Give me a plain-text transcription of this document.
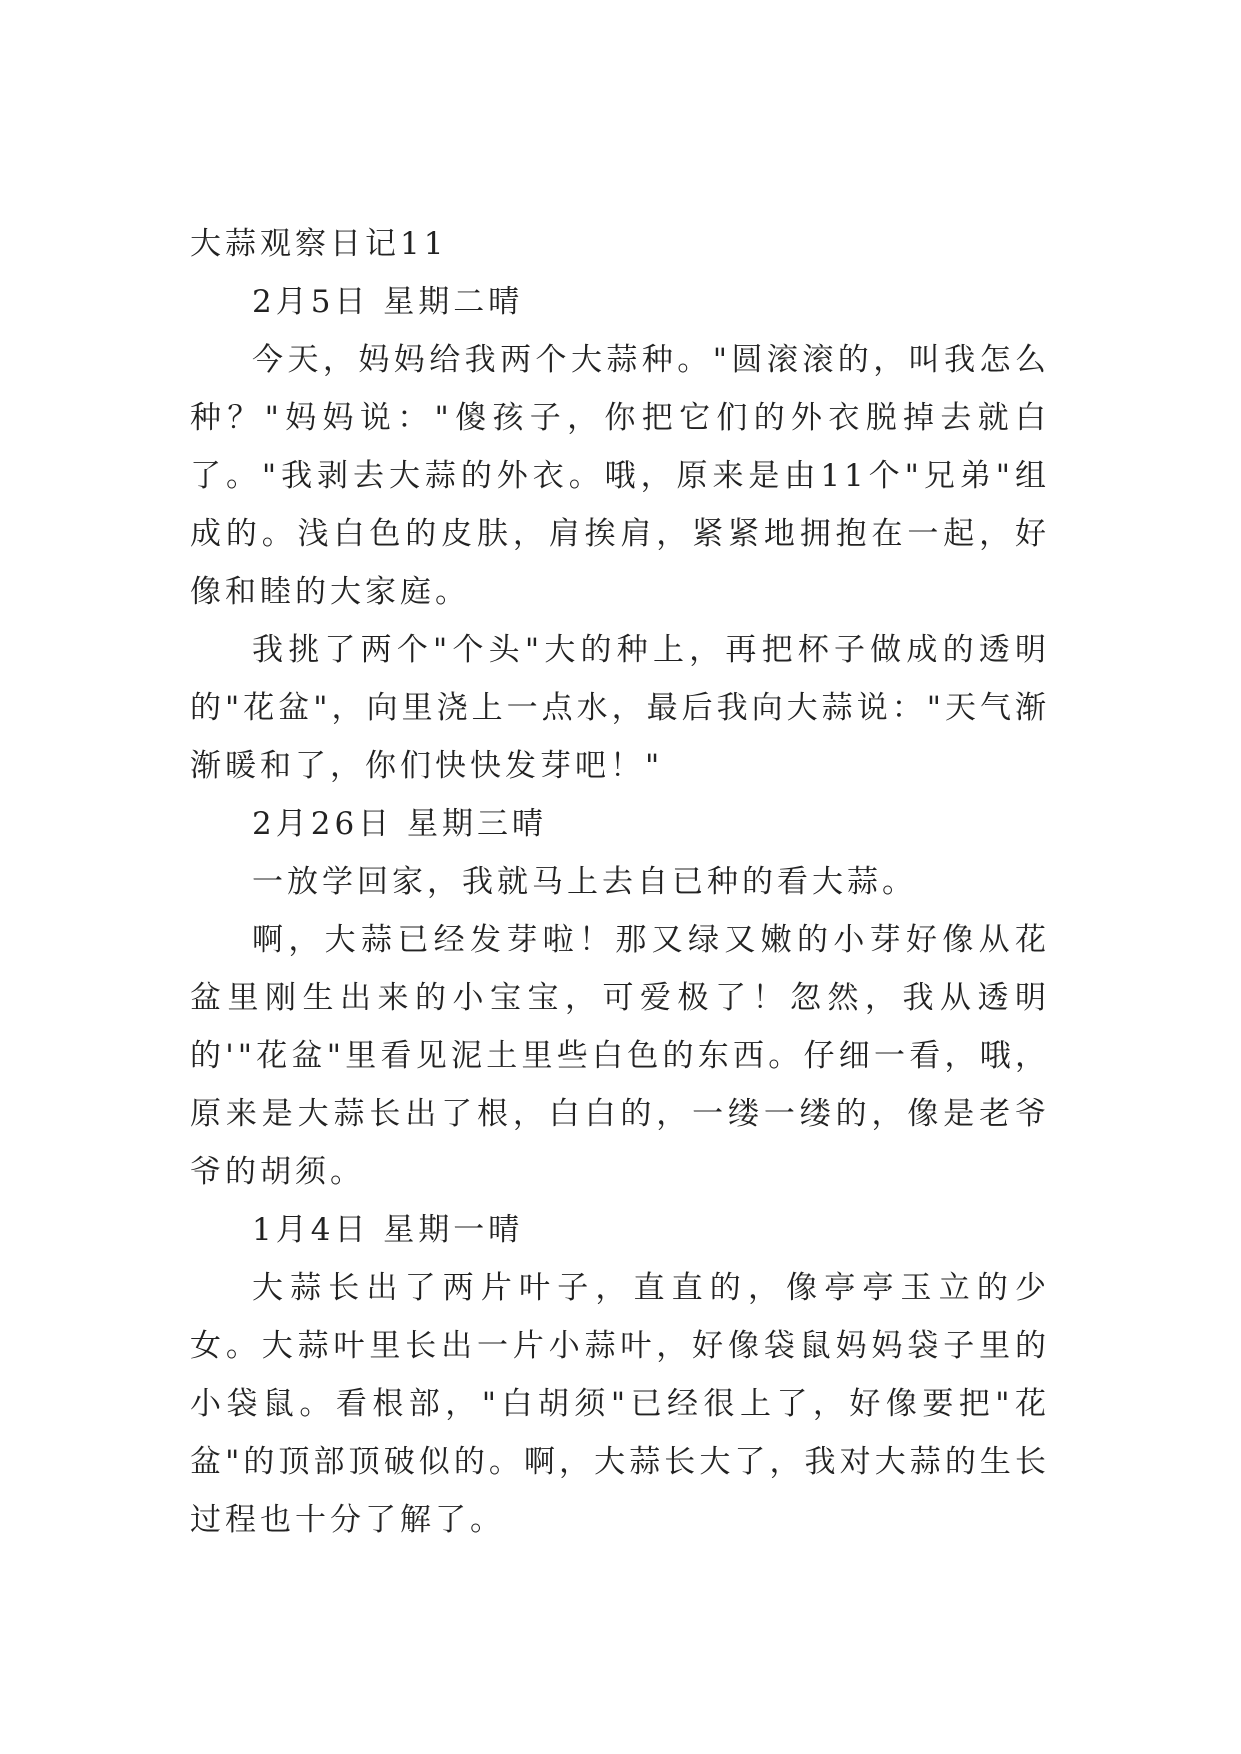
大蒜观察日记11

2月5日 星期二晴

今天，妈妈给我两个大蒜种。"圆滚滚的，叫我怎么种？"妈妈说："傻孩子，你把它们的外衣脱掉去就白了。"我剥去大蒜的外衣。哦，原来是由11个"兄弟"组成的。浅白色的皮肤，肩挨肩，紧紧地拥抱在一起，好像和睦的大家庭。

我挑了两个"个头"大的种上，再把杯子做成的透明的"花盆"，向里浇上一点水，最后我向大蒜说："天气渐渐暖和了，你们快快发芽吧！"

2月26日 星期三晴

一放学回家，我就马上去自已种的看大蒜。

啊，大蒜已经发芽啦！那又绿又嫩的小芽好像从花盆里刚生出来的小宝宝，可爱极了！忽然，我从透明的'"花盆"里看见泥土里些白色的东西。仔细一看，哦，原来是大蒜长出了根，白白的，一缕一缕的，像是老爷爷的胡须。

1月4日 星期一晴

大蒜长出了两片叶子，直直的，像亭亭玉立的少女。大蒜叶里长出一片小蒜叶，好像袋鼠妈妈袋子里的小袋鼠。看根部，"白胡须"已经很上了，好像要把"花盆"的顶部顶破似的。啊，大蒜长大了，我对大蒜的生长过程也十分了解了。
